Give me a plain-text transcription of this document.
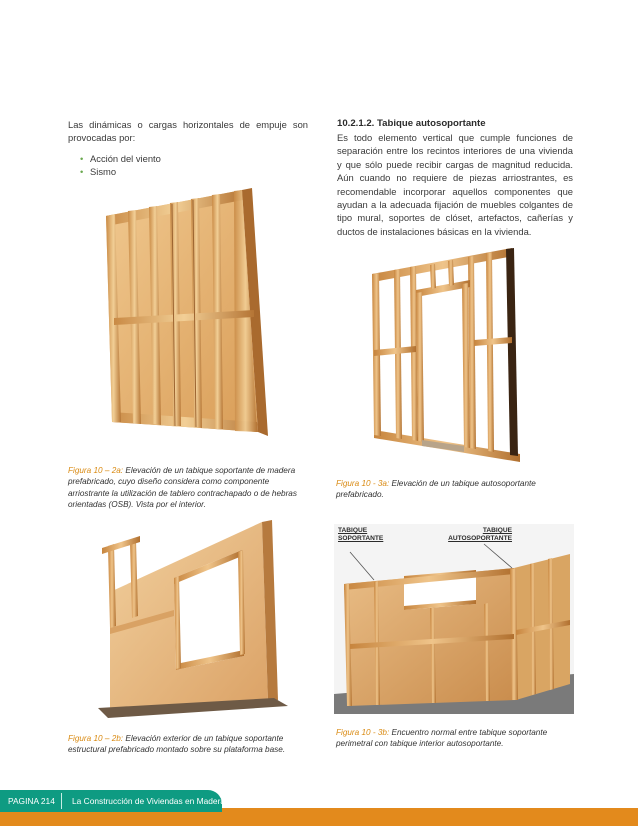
Las dinámicas o cargas horizontales de empuje son provocadas por:
• Acción del viento
• Sismo
10.2.1.2. Tabique autosoportante
Es todo elemento vertical que cumple funciones de separación entre los recintos interiores de una vivienda y que sólo puede recibir cargas de magnitud reducida. Aún cuando no requiere de piezas arriostrantes, es recomendable incorporar aquellos componentes que ayudan a la adecuada fijación de muebles colgantes de tipo mural, soportes de clóset, artefactos, cañerías y ductos de instalaciones básicas en la vivienda.
Figura 10 – 2a: Elevación de un tabique soportante de madera prefabricado, cuyo diseño considera como componente arriostrante la utilización de tablero contrachapado o de hebras orientadas (OSB). Vista por el interior.
Figura 10 - 3a: Elevación de un tabique autosoportante prefabricado.
Figura 10 – 2b: Elevación exterior de un tabique soportante estructural prefabricado montado sobre su plataforma base.
TABIQUE SOPORTANTE
TABIQUE AUTOSOPORTANTE
Figura 10 - 3b: Encuentro normal entre tabique soportante perimetral con tabique interior autosoportante.
PAGINA 214 La Construcción de Viviendas en Madera
